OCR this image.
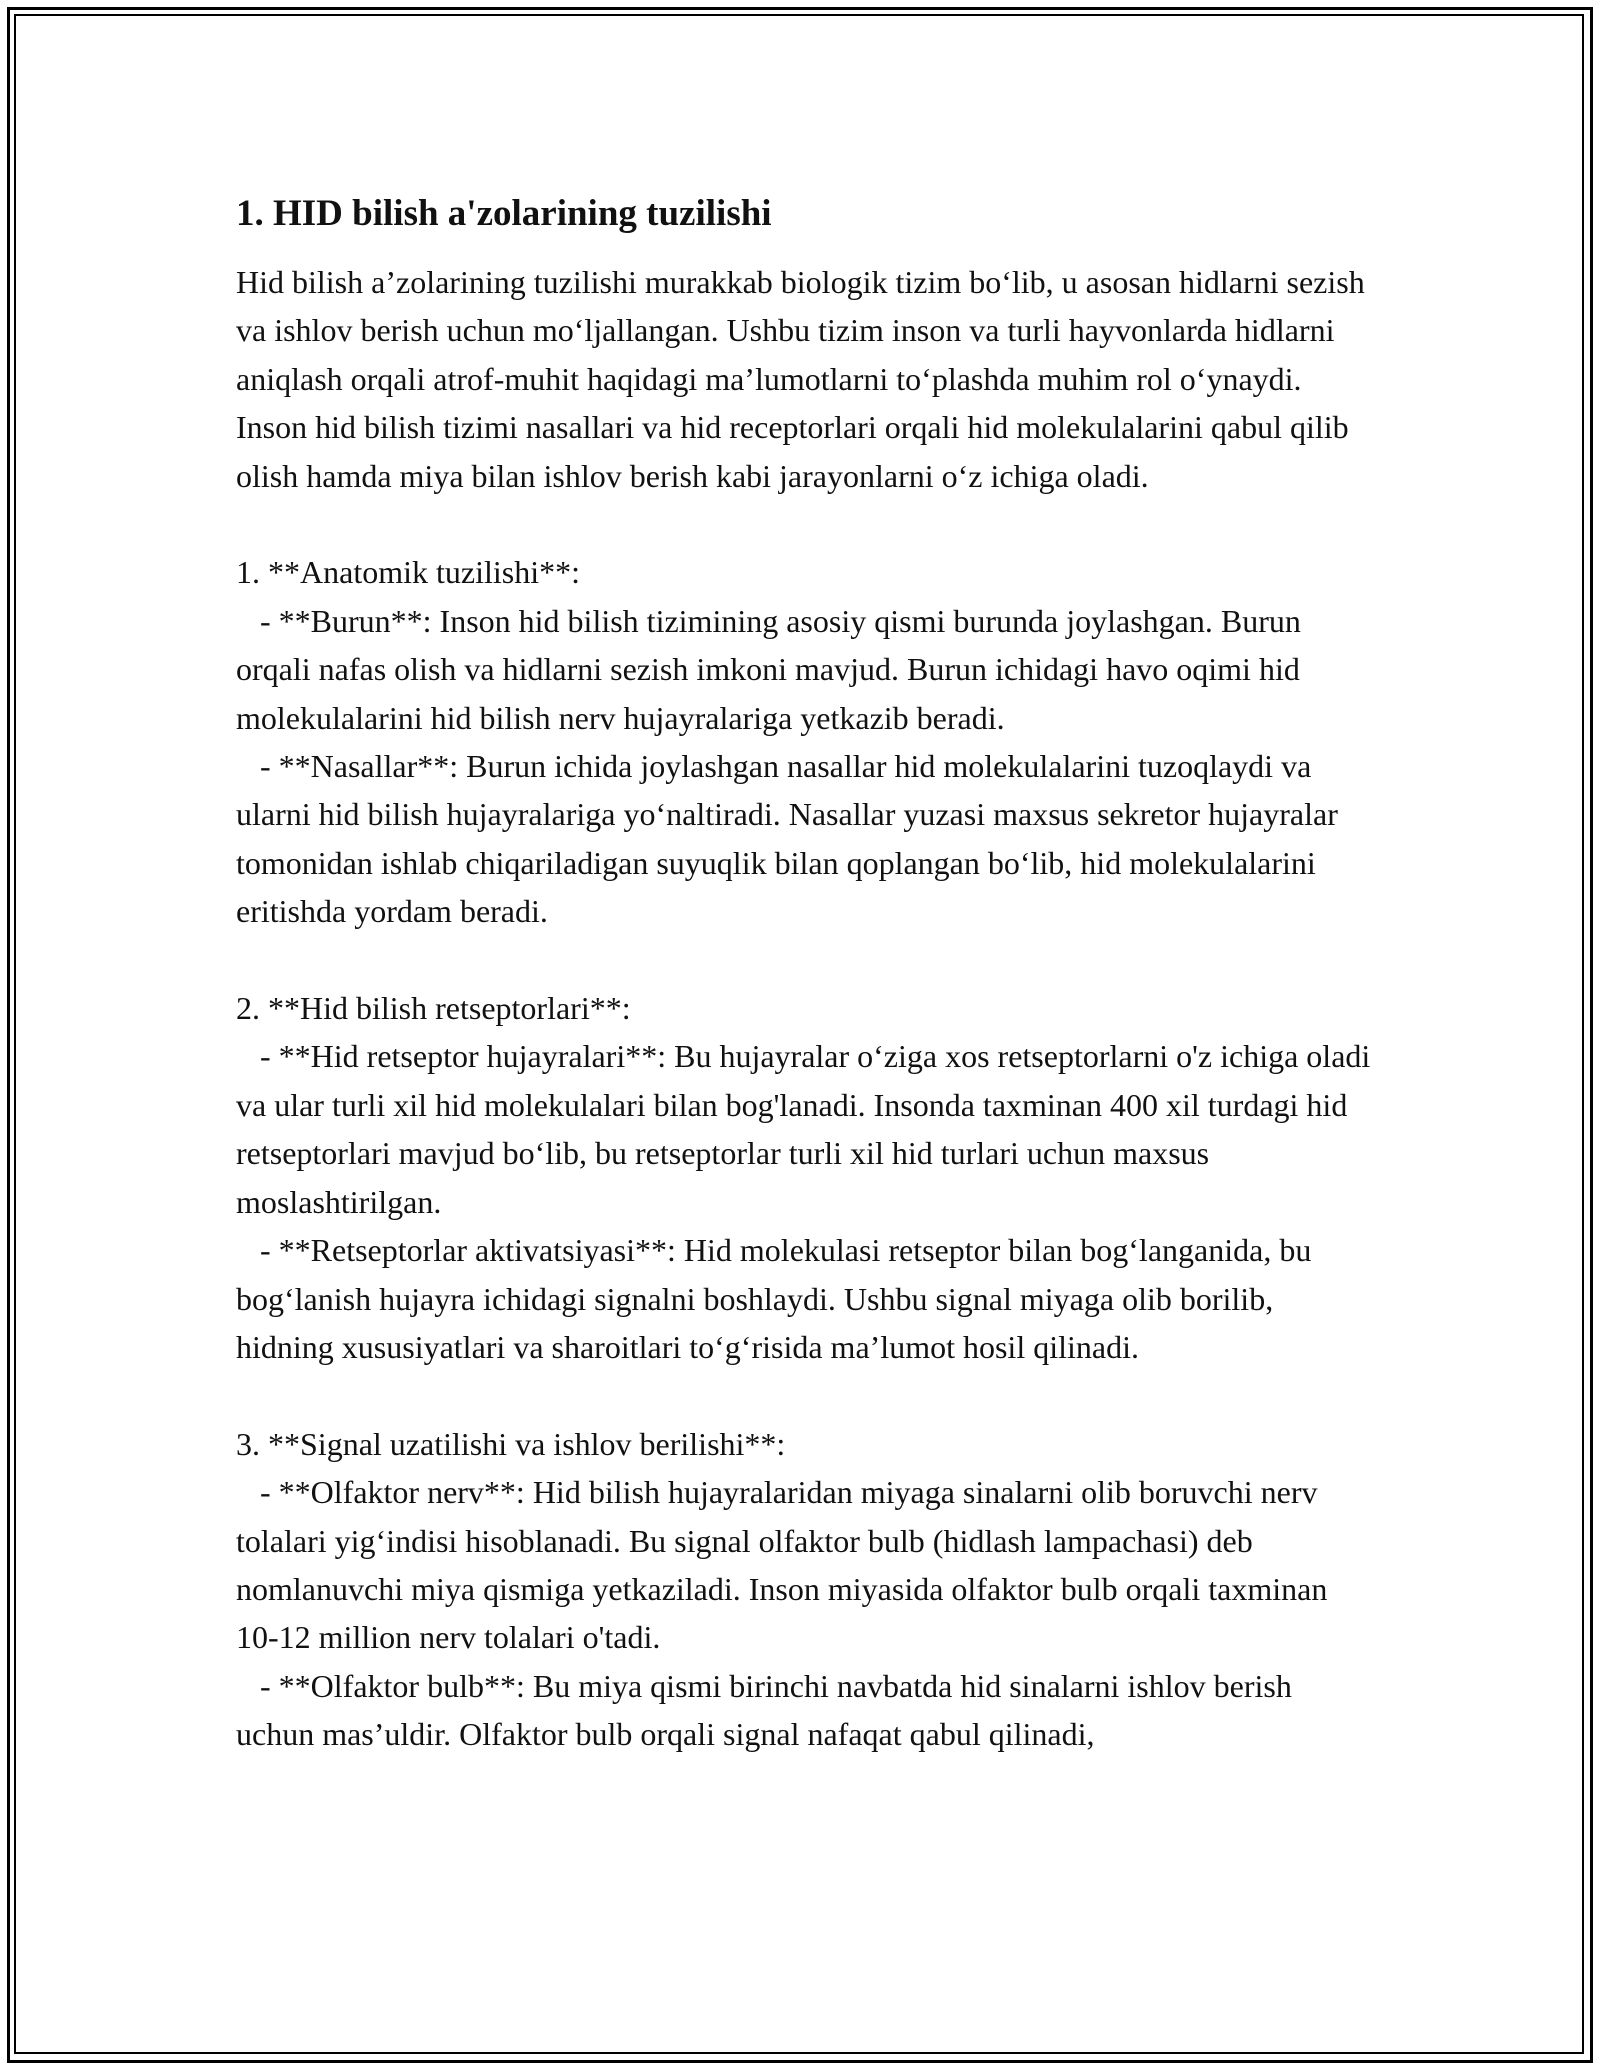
1. HID bilish a'zolarining tuzilishi

Hid bilish a’zolarining tuzilishi murakkab biologik tizim bo‘lib, u asosan hidlarni sezish va ishlov berish uchun mo‘ljallangan. Ushbu tizim inson va turli hayvonlarda hidlarni aniqlash orqali atrof-muhit haqidagi ma’lumotlarni to‘plashda muhim rol o‘ynaydi. Inson hid bilish tizimi nasallari va hid receptorlari orqali hid molekulalarini qabul qilib olish hamda miya bilan ishlov berish kabi jarayonlarni o‘z ichiga oladi.

1. **Anatomik tuzilishi**:
- **Burun**: Inson hid bilish tizimining asosiy qismi burunda joylashgan. Burun orqali nafas olish va hidlarni sezish imkoni mavjud. Burun ichidagi havo oqimi hid molekulalarini hid bilish nerv hujayralariga yetkazib beradi.
- **Nasallar**: Burun ichida joylashgan nasallar hid molekulalarini tuzoqlaydi va ularni hid bilish hujayralariga yo‘naltiradi. Nasallar yuzasi maxsus sekretor hujayralar tomonidan ishlab chiqariladigan suyuqlik bilan qoplangan bo‘lib, hid molekulalarini eritishda yordam beradi.
2. **Hid bilish retseptorlari**:
- **Hid retseptor hujayralari**: Bu hujayralar o‘ziga xos retseptorlarni o'z ichiga oladi va ular turli xil hid molekulalari bilan bog'lanadi. Insonda taxminan 400 xil turdagi hid retseptorlari mavjud bo‘lib, bu retseptorlar turli xil hid turlari uchun maxsus moslashtirilgan.
- **Retseptorlar aktivatsiyasi**: Hid molekulasi retseptor bilan bog‘langanida, bu bog‘lanish hujayra ichidagi signalni boshlaydi. Ushbu signal miyaga olib borilib, hidning xususiyatlari va sharoitlari to‘g‘risida ma’lumot hosil qilinadi.
3. **Signal uzatilishi va ishlov berilishi**:
- **Olfaktor nerv**: Hid bilish hujayralaridan miyaga sinalarni olib boruvchi nerv tolalari yig‘indisi hisoblanadi. Bu signal olfaktor bulb (hidlash lampachasi) deb nomlanuvchi miya qismiga yetkaziladi. Inson miyasida olfaktor bulb orqali taxminan 10-12 million nerv tolalari o'tadi.
- **Olfaktor bulb**: Bu miya qismi birinchi navbatda hid sinalarni ishlov berish uchun mas’uldir. Olfaktor bulb orqali signal nafaqat qabul qilinadi,
